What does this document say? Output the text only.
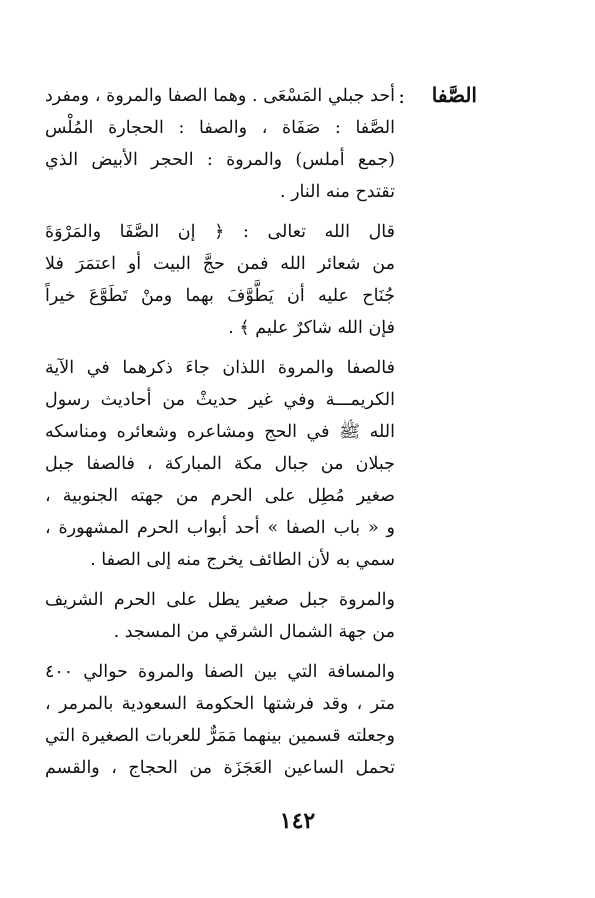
الصَّفا
:
أحد جبلي المَسْعَى . وهما الصفا والمروة ، ومفرد
الصَّفا : صَفَاة ، والصفا : الحجارة المُلْس
(جمع أملس) والمروة : الحجر الأبيض الذي
تقتدح منه النار .
قال الله تعالى : ﴿ إن الصَّفَا والمَرْوَةَ
من شعائر الله فمن حجَّ البيت أو اعتمَرَ فلا
جُنَاح عليه أن يَطَّوَّفَ بهما ومنْ تَطَوَّعَ خيراً
فإن الله شاكرٌ عليم ﴾ .
فالصفا والمروة اللذان جاءَ ذكرهما في الآية
الكريمـــة وفي غير حديثْ من أحاديث رسول
الله ﷺ في الحج ومشاعره وشعائره ومناسكه
جبلان من جبال مكة المباركة ، فالصفا جبل
صغير مُطِل على الحرم من جهته الجنوبية ،
و « باب الصفا » أحد أبواب الحرم المشهورة ،
سمي به لأن الطائف يخرج منه إلى الصفا .
والمروة جبل صغير يطل على الحرم الشريف
من جهة الشمال الشرقي من المسجد .
والمسافة التي بين الصفا والمروة حوالي ٤٠٠
متر ، وقد فرشتها الحكومة السعودية بالمرمر ،
وجعلته قسمين بينهما مَمَرٌّ للعربات الصغيرة التي
تحمل الساعين العَجَزَة من الحجاج ، والقسم
١٤٢
